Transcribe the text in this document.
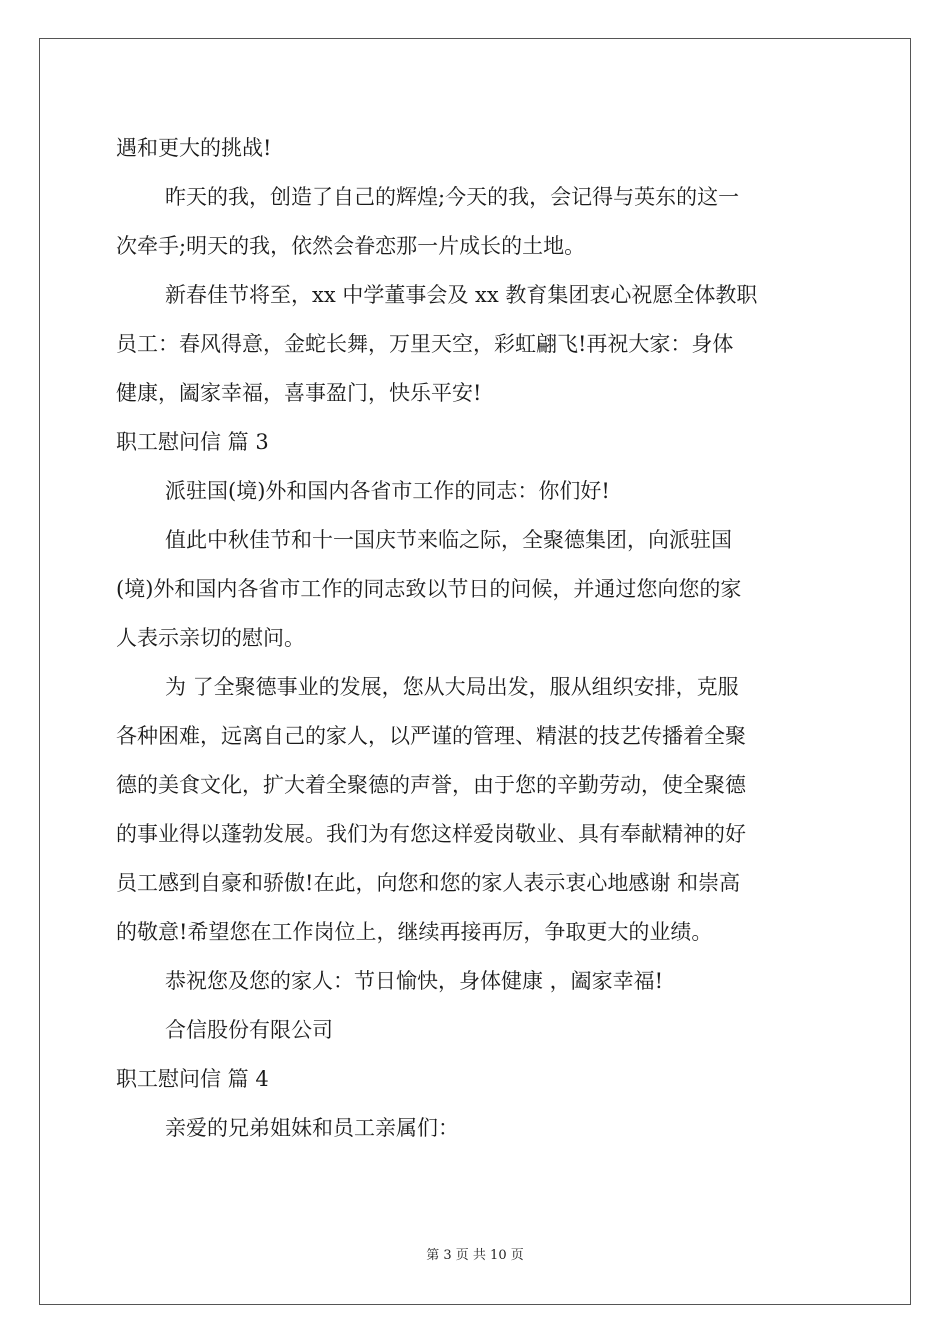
遇和更大的挑战!
昨天的我，创造了自己的辉煌;今天的我，会记得与英东的这一
次牵手;明天的我，依然会眷恋那一片成长的土地。
新春佳节将至，xx 中学董事会及 xx 教育集团衷心祝愿全体教职
员工：春风得意，金蛇长舞，万里天空，彩虹翩飞!再祝大家：身体
健康，阖家幸福，喜事盈门，快乐平安!
职工慰问信 篇 3
派驻国(境)外和国内各省市工作的同志：你们好!
值此中秋佳节和十一国庆节来临之际，全聚德集团，向派驻国
(境)外和国内各省市工作的同志致以节日的问候，并通过您向您的家
人表示亲切的慰问。
为 了全聚德事业的发展，您从大局出发，服从组织安排，克服
各种困难，远离自己的家人，以严谨的管理、精湛的技艺传播着全聚
德的美食文化，扩大着全聚德的声誉，由于您的辛勤劳动，使全聚德
的事业得以蓬勃发展。我们为有您这样爱岗敬业、具有奉献精神的好
员工感到自豪和骄傲!在此，向您和您的家人表示衷心地感谢 和崇高
的敬意!希望您在工作岗位上，继续再接再厉，争取更大的业绩。
恭祝您及您的家人：节日愉快，身体健康 ，阖家幸福!
合信股份有限公司
职工慰问信 篇 4
亲爱的兄弟姐妹和员工亲属们：
第 3 页 共 10 页
